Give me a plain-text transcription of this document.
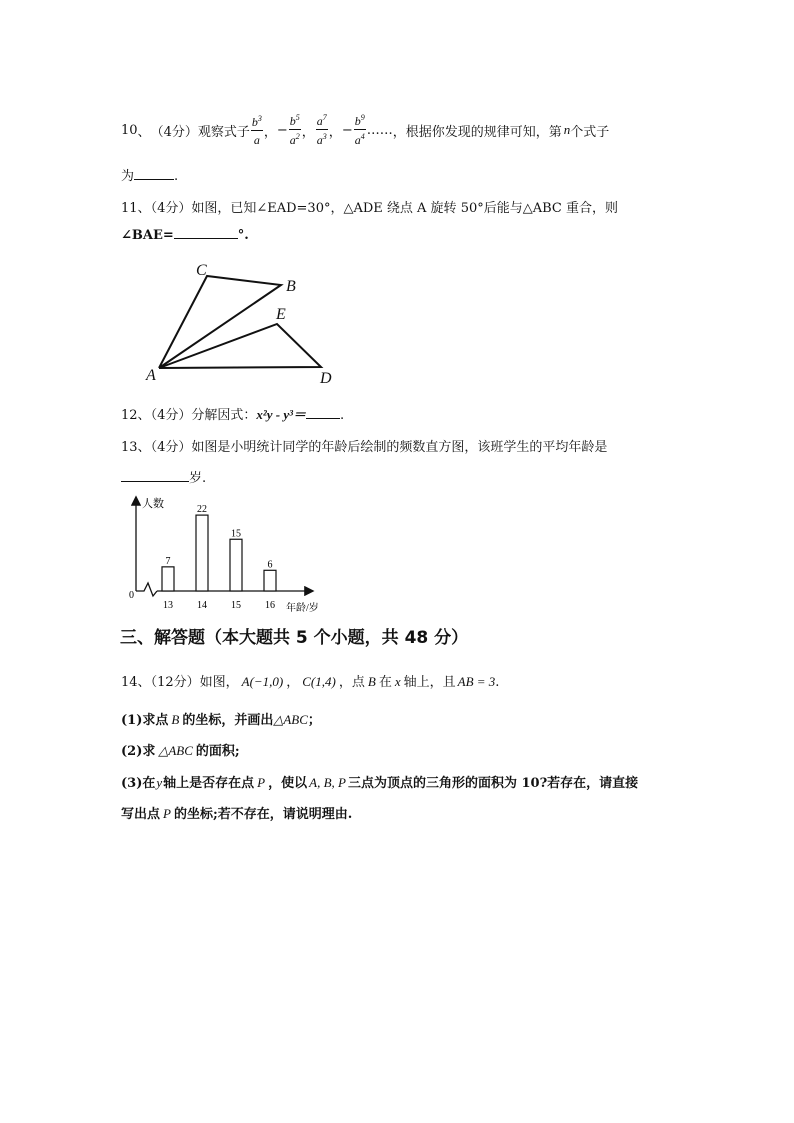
10 、 （4分） 观察式子 $\frac{b^3}{a}$ ， − $\frac{b^5}{a^2}$ ， $\frac{a^7}{a^3}$ ， − $\frac{b^9}{a^4}$ …… ，根据你发现的规律可知，第 n 个式子
为	.
11、（4分）如图，已知∠EAD=30°，△ADE 绕点 A 旋转 50°后能与△ABC 重合，则
∠BAE=	°.
A
C
B
E
D
12、（4分）分解因式：x²y - y³＝	.
13、（4分）如图是小明统计同学的年龄后绘制的频数直方图，该班学生的平均年龄是
岁.
人数
0
年龄/岁
7
13
22
14
15
15
6
16
三、解答题（本大题共 5 个小题，共 48 分）
14、（12分）如图， A(−1,0) ， C(1,4) ，点 B 在 x 轴上，且 AB = 3.
(1)求点 B 的坐标，并画出△ABC；
(2)求 △ABC 的面积;
(3)在y轴上是否存在点 P ，使以 A, B, P 三点为顶点的三角形的面积为 10?若存在，请直接
写出点 P 的坐标;若不存在，请说明理由.
